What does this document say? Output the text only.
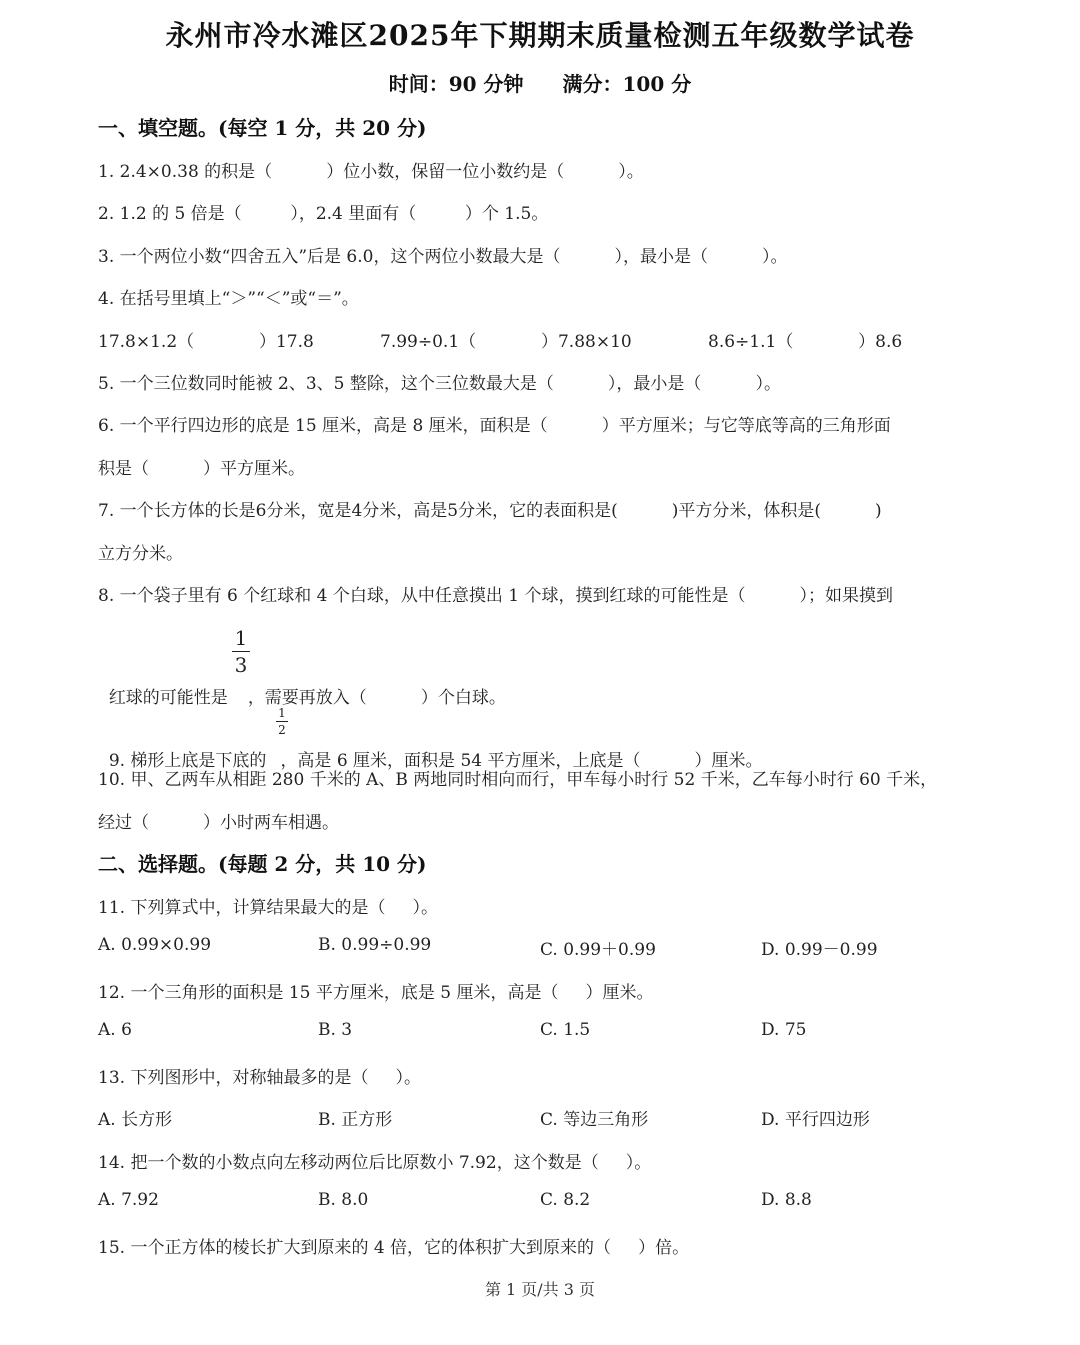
永州市冷水滩区2025年下期期末质量检测五年级数学试卷
时间：90 分钟 满分：100 分
一、填空题。(每空 1 分，共 20 分)
1. 2.4×0.38 的积是（          ）位小数，保留一位小数约是（          ）。
2. 1.2 的 5 倍是（         ），2.4 里面有（         ）个 1.5。
3. 一个两位小数“四舍五入”后是 6.0，这个两位小数最大是（          ），最小是（          ）。
4. 在括号里填上“＞”“＜”或“＝”。
17.8×1.2（            ）17.8	7.99÷0.1（            ）7.88×10	8.6÷1.1（            ）8.6
5. 一个三位数同时能被 2、3、5 整除，这个三位数最大是（          ），最小是（          ）。
6. 一个平行四边形的底是 15 厘米，高是 8 厘米，面积是（          ）平方厘米；与它等底等高的三角形面
积是（          ）平方厘米。
7. 一个长方体的长是6分米，宽是4分米，高是5分米，它的表面积是(          )平方分米，体积是(          )
立方分米。
8. 一个袋子里有 6 个红球和 4 个白球，从中任意摸出 1 个球，摸到红球的可能性是（          ）；如果摸到

红球的可能性是 ，需要再放入（          ）个白球。

1
3

9. 梯形上底是下底的 ，高是 6 厘米，面积是 54 平方厘米，上底是（          ）厘米。

1
2
10. 甲、乙两车从相距 280 千米的 A、B 两地同时相向而行，甲车每小时行 52 千米，乙车每小时行 60 千米，
经过（          ）小时两车相遇。
二、选择题。(每题 2 分，共 10 分)
11. 下列算式中，计算结果最大的是（     ）。
A. 0.99×0.99	B. 0.99÷0.99	C. 0.99＋0.99	D. 0.99－0.99
12. 一个三角形的面积是 15 平方厘米，底是 5 厘米，高是（     ）厘米。
A. 6	B. 3	C. 1.5	D. 75
13. 下列图形中，对称轴最多的是（     ）。
A. 长方形	B. 正方形	C. 等边三角形	D. 平行四边形
14. 把一个数的小数点向左移动两位后比原数小 7.92，这个数是（     ）。
A. 7.92	B. 8.0	C. 8.2	D. 8.8
15. 一个正方体的棱长扩大到原来的 4 倍，它的体积扩大到原来的（     ）倍。
第 1 页/共 3 页
